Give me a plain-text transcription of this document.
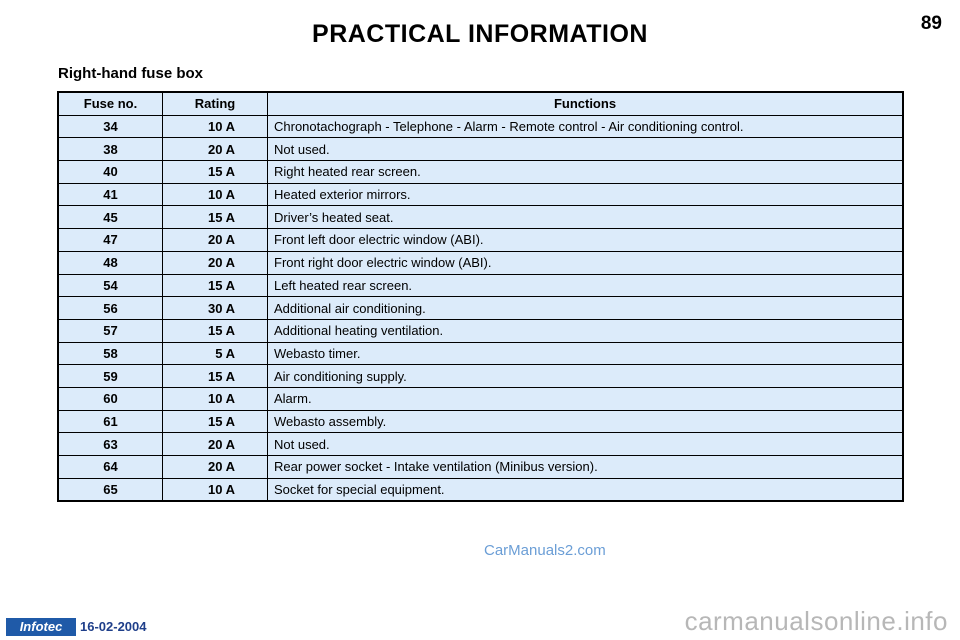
PRACTICAL INFORMATION	89
Right-hand fuse box
Fuse no.	Rating	Functions
34	10 A	Chronotachograph - Telephone - Alarm - Remote control - Air conditioning control.
38	20 A	Not used.
40	15 A	Right heated rear screen.
41	10 A	Heated exterior mirrors.
45	15 A	Driver’s heated seat.
47	20 A	Front left door electric window (ABI).
48	20 A	Front right door electric window (ABI).
54	15 A	Left heated rear screen.
56	30 A	Additional air conditioning.
57	15 A	Additional heating ventilation.
58	5 A	Webasto timer.
59	15 A	Air conditioning supply.
60	10 A	Alarm.
61	15 A	Webasto assembly.
63	20 A	Not used.
64	20 A	Rear power socket - Intake ventilation (Minibus version).
65	10 A	Socket for special equipment.
CarManuals2.com
carmanualsonline.info
Infotec	16-02-2004
